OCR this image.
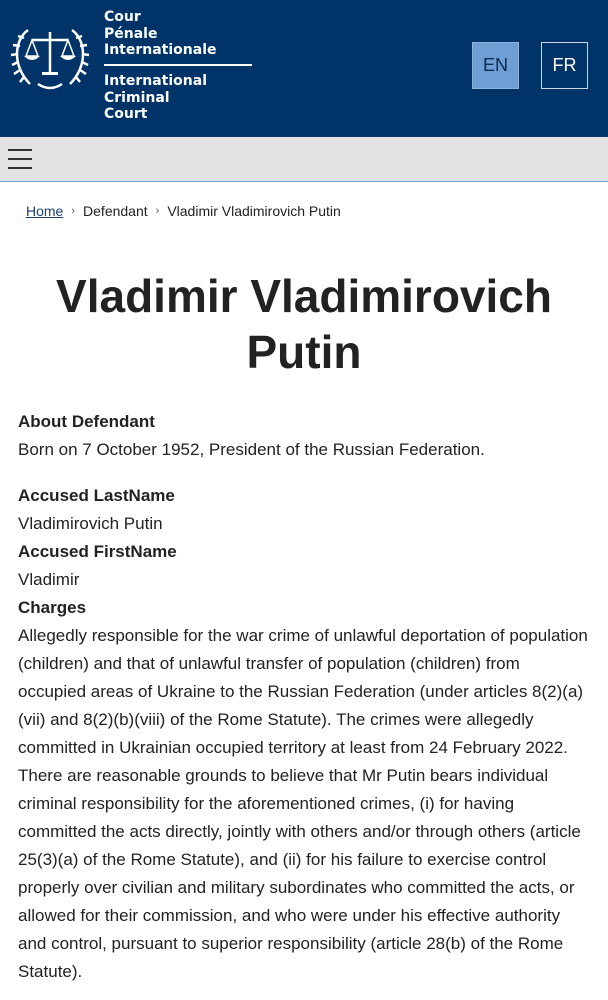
Cour
Pénale
Internationale
International
Criminal
Court
EN	FR
Home › Defendant › Vladimir Vladimirovich Putin
Vladimir Vladimirovich
Putin
About Defendant
Born on 7 October 1952, President of the Russian Federation.
Accused LastName
Vladimirovich Putin
Accused FirstName
Vladimir
Charges
Allegedly responsible for the war crime of unlawful deportation of population (children) and that of unlawful transfer of population (children) from occupied areas of Ukraine to the Russian Federation (under articles 8(2)(a)(vii) and 8(2)(b)(viii) of the Rome Statute). The crimes were allegedly committed in Ukrainian occupied territory at least from 24 February 2022. There are reasonable grounds to believe that Mr Putin bears individual criminal responsibility for the aforementioned crimes, (i) for having committed the acts directly, jointly with others and/or through others (article 25(3)(a) of the Rome Statute), and (ii) for his failure to exercise control properly over civilian and military subordinates who committed the acts, or allowed for their commission, and who were under his effective authority and control, pursuant to superior responsibility (article 28(b) of the Rome Statute).
